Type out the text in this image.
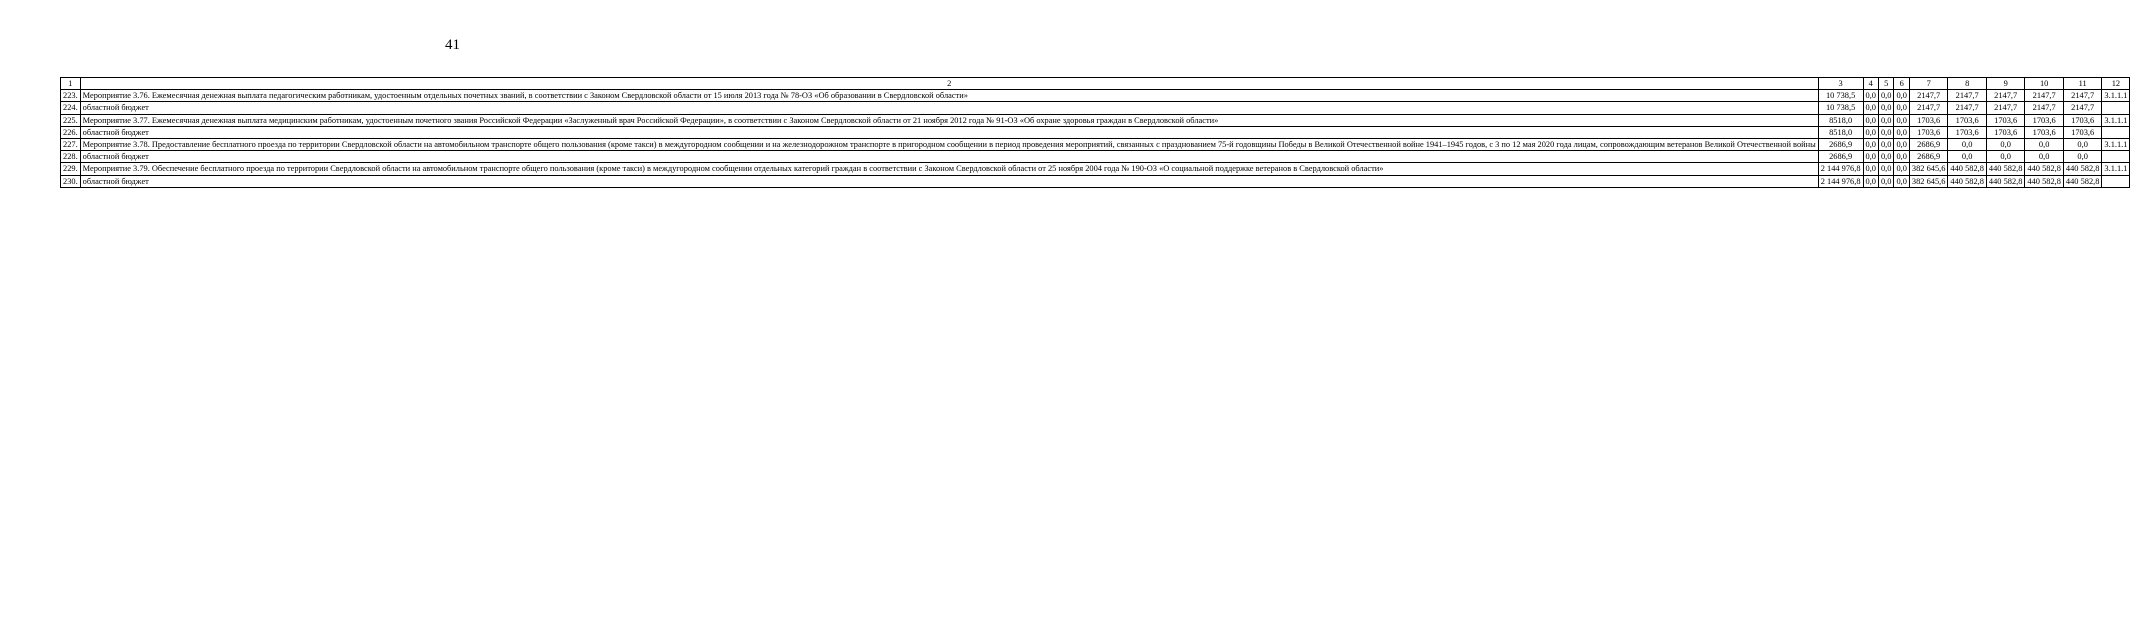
41
1	2	3	4	5	6	7	8	9	10	11	12
223.	Мероприятие 3.76. Ежемесячная денежная выплата педагогическим работникам, удостоенным отдельных почетных званий, в соответствии с Законом Свердловской области от 15 июля 2013 года № 78-ОЗ «Об образовании в Свердловской области»	10 738,5	0,0	0,0	0,0	2147,7	2147,7	2147,7	2147,7	2147,7	3.1.1.1
224.	областной бюджет	10 738,5	0,0	0,0	0,0	2147,7	2147,7	2147,7	2147,7	2147,7	
225.	Мероприятие 3.77. Ежемесячная денежная выплата медицинским работникам, удостоенным почетного звания Российской Федерации «Заслуженный врач Российской Федерации», в соответствии с Законом Свердловской области от 21 ноября 2012 года № 91-ОЗ «Об охране здоровья граждан в Свердловской области»	8518,0	0,0	0,0	0,0	1703,6	1703,6	1703,6	1703,6	1703,6	3.1.1.1
226.	областной бюджет	8518,0	0,0	0,0	0,0	1703,6	1703,6	1703,6	1703,6	1703,6	
227.	Мероприятие 3.78. Предоставление бесплатного проезда по территории Свердловской области на автомобильном транспорте общего пользования (кроме такси) в междугородном сообщении и на железнодорожном транспорте в пригородном сообщении в период проведения мероприятий, связанных с празднованием 75-й годовщины Победы в Великой Отечественной войне 1941–1945 годов, с 3 по 12 мая 2020 года лицам, сопровождающим ветеранов Великой Отечественной войны	2686,9	0,0	0,0	0,0	2686,9	0,0	0,0	0,0	0,0	3.1.1.1
228.	областной бюджет	2686,9	0,0	0,0	0,0	2686,9	0,0	0,0	0,0	0,0	
229.	Мероприятие 3.79. Обеспечение бесплатного проезда по территории Свердловской области на автомобильном транспорте общего пользования (кроме такси) в междугородном сообщении отдельных категорий граждан в соответствии с Законом Свердловской области от 25 ноября 2004 года № 190-ОЗ «О социальной поддержке ветеранов в Свердловской области»	2 144 976,8	0,0	0,0	0,0	382 645,6	440 582,8	440 582,8	440 582,8	440 582,8	3.1.1.1
230.	областной бюджет	2 144 976,8	0,0	0,0	0,0	382 645,6	440 582,8	440 582,8	440 582,8	440 582,8	
